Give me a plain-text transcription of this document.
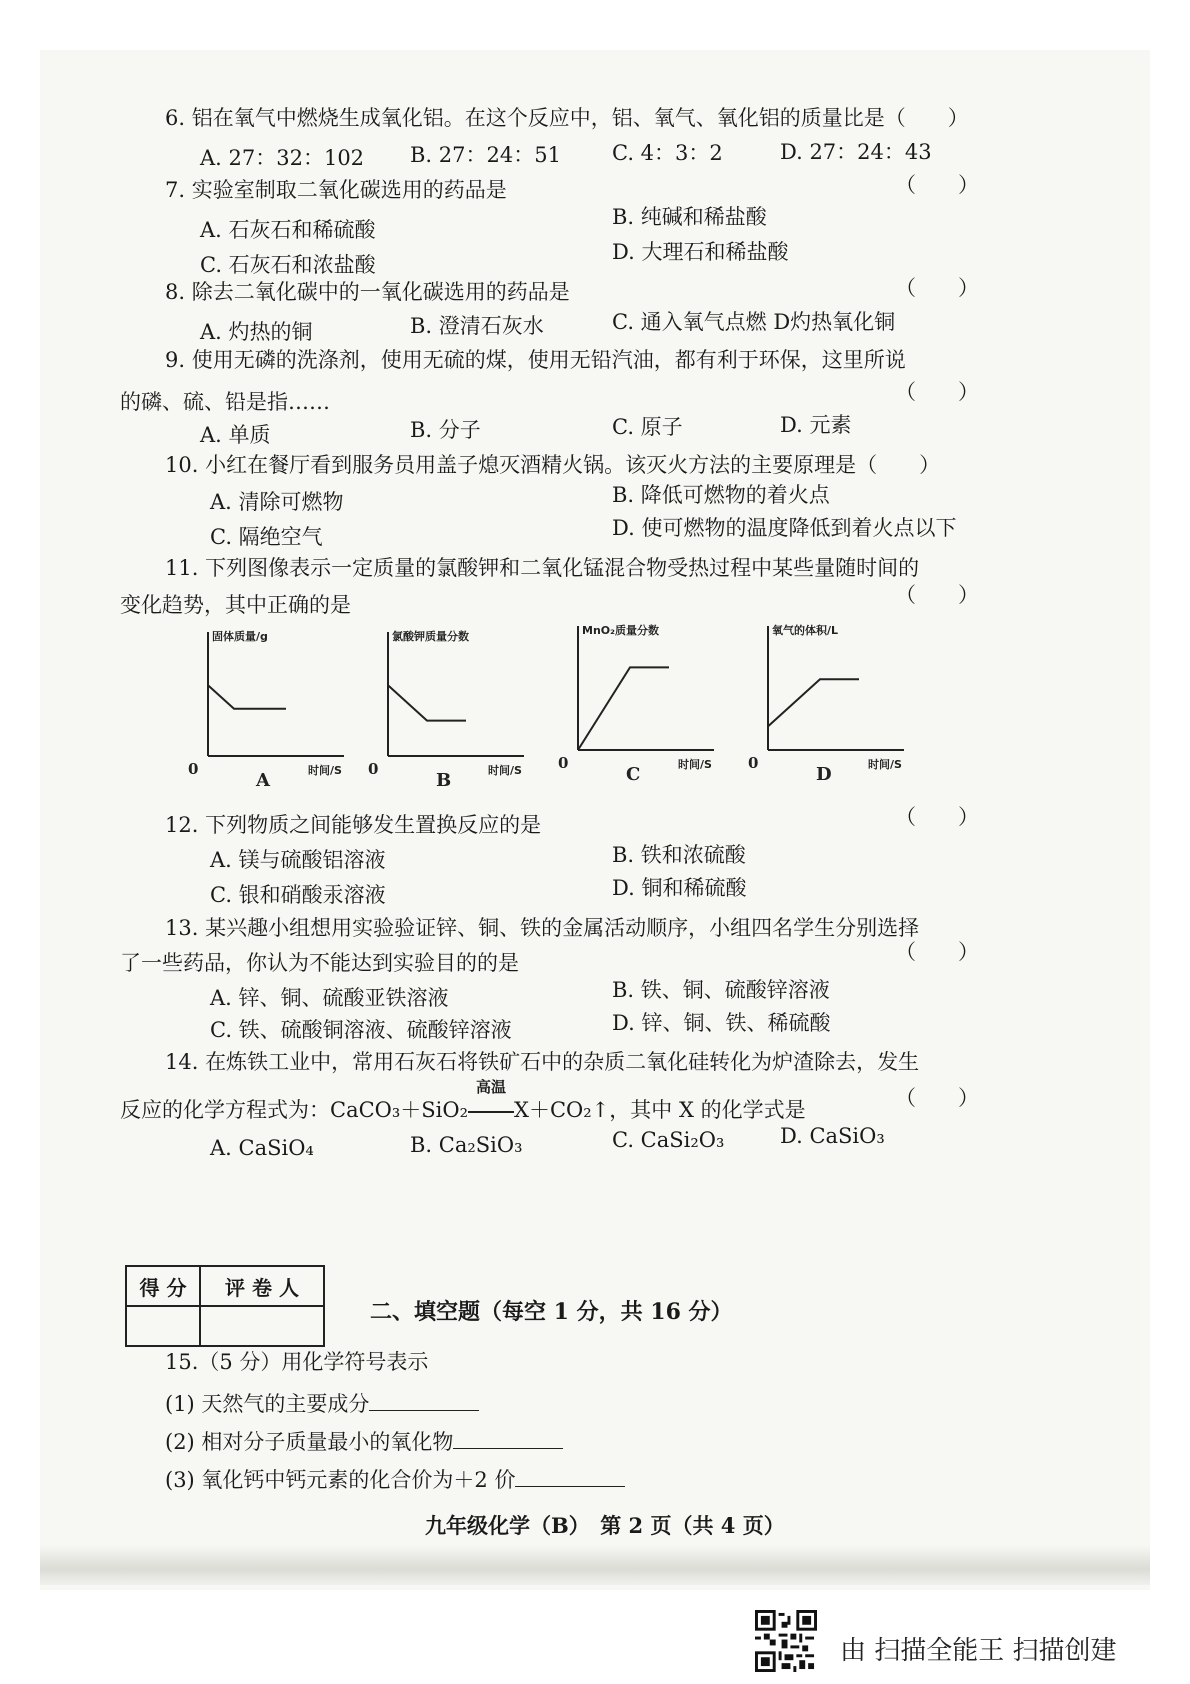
6. 铝在氧气中燃烧生成氧化铝。在这个反应中，铝、氧气、氧化铝的质量比是（　　）
A. 27：32：102 B. 27：24：51 C. 4：3：2	D. 27：24：43
7. 实验室制取二氧化碳选用的药品是	（　　）
A. 石灰石和稀硫酸
B. 纯碱和稀盐酸
C. 石灰石和浓盐酸
D. 大理石和稀盐酸
8. 除去二氧化碳中的一氧化碳选用的药品是	（　　）
A. 灼热的铜	B. 澄清石灰水	C. 通入氧气点燃 D灼热氧化铜
9. 使用无磷的洗涤剂，使用无硫的煤，使用无铅汽油，都有利于环保，这里所说
的磷、硫、铅是指……	（　　）
A. 单质	B. 分子	C. 原子	D. 元素
10. 小红在餐厅看到服务员用盖子熄灭酒精火锅。该灭火方法的主要原理是（　　）
A. 清除可燃物	B. 降低可燃物的着火点
C. 隔绝空气	D. 使可燃物的温度降低到着火点以下
11. 下列图像表示一定质量的氯酸钾和二氧化锰混合物受热过程中某些量随时间的
变化趋势，其中正确的是	（　　）
固体质量/g
时间/S
0
A
氯酸钾质量分数
时间/S
0
B
MnO₂质量分数
时间/S
0
C
氧气的体积/L
时间/S
0
D
12. 下列物质之间能够发生置换反应的是	（　　）
A. 镁与硫酸铝溶液	B. 铁和浓硫酸
C. 银和硝酸汞溶液	D. 铜和稀硫酸
13. 某兴趣小组想用实验验证锌、铜、铁的金属活动顺序，小组四名学生分别选择
了一些药品，你认为不能达到实验目的的是	（　　）
A. 锌、铜、硫酸亚铁溶液	B. 铁、铜、硫酸锌溶液
C. 铁、硫酸铜溶液、硫酸锌溶液	D. 锌、铜、铁、稀硫酸
14. 在炼铁工业中，常用石灰石将铁矿石中的杂质二氧化硅转化为炉渣除去，发生
反应的化学方程式为：CaCO₃＋SiO₂
高温
X＋CO₂↑，其中 X 的化学式是	（　　）
A. CaSiO₄	B. Ca₂SiO₃	C. CaSi₂O₃	D. CaSiO₃
得 分	评 卷 人

二、填空题（每空 1 分，共 16 分）
15.（5 分）用化学符号表示
(1) 天然气的主要成分
(2) 相对分子质量最小的氧化物
(3) 氧化钙中钙元素的化合价为＋2 价
九年级化学（B）　第 2 页（共 4 页）
由 扫描全能王 扫描创建
